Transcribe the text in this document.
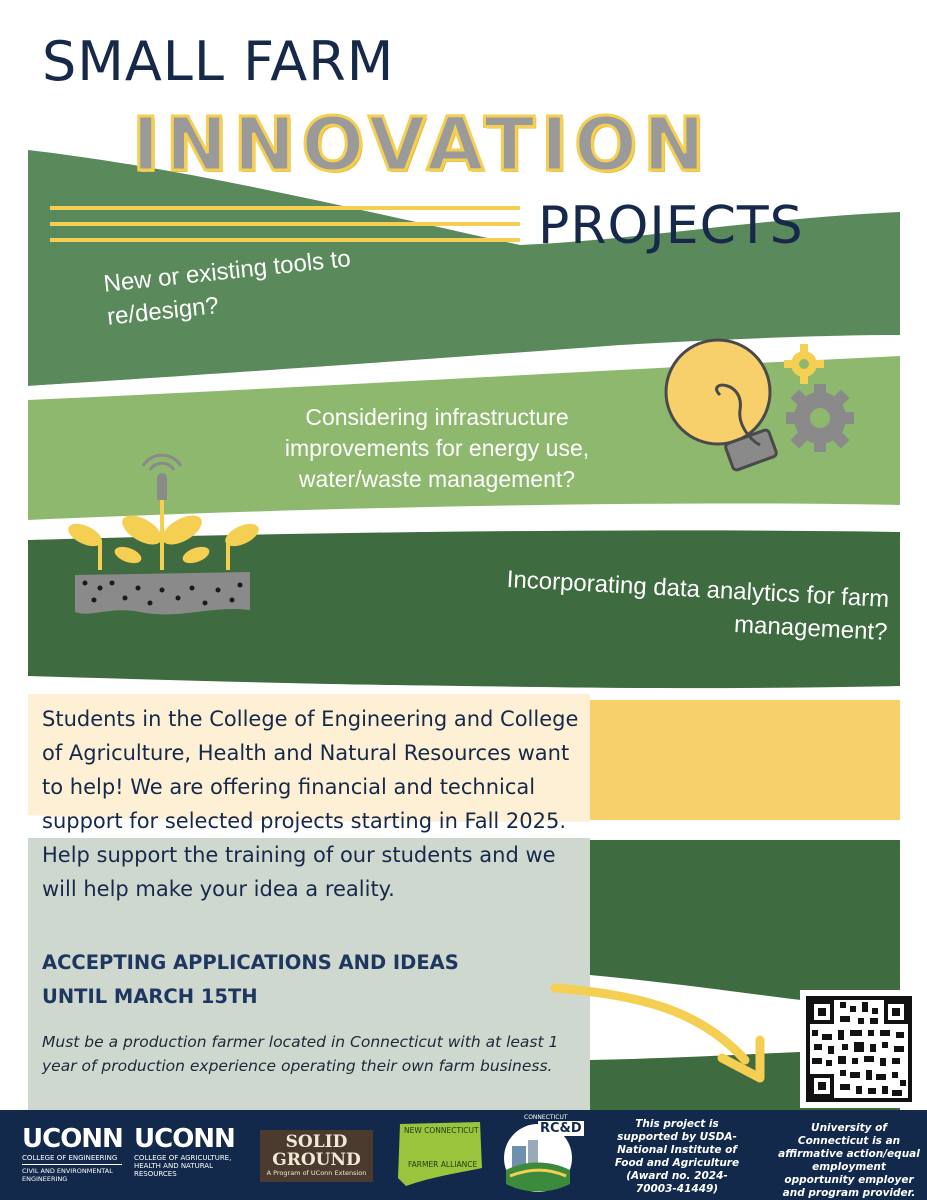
SMALL FARM
INNOVATION
PROJECTS
New or existing tools to re/design?
Considering infrastructure improvements for energy use, water/waste management?
Incorporating data analytics for farm management?
Students in the College of Engineering and College of Agriculture, Health and Natural Resources want to help! We are offering financial and technical support for selected projects starting in Fall 2025. Help support the training of our students and we will help make your idea a reality.
ACCEPTING APPLICATIONS AND IDEAS
UNTIL MARCH 15TH
Must be a production farmer located in Connecticut with at least 1 year of production experience operating their own farm business.
UCONN
COLLEGE OF ENGINEERING
CIVIL AND ENVIRONMENTAL ENGINEERING
UCONN
COLLEGE OF AGRICULTURE,
HEALTH AND NATURAL RESOURCES
SOLID
GROUND
A Program of UConn Extension
NEW CONNECTICUT
FARMER ALLIANCE
CONNECTICUT
RC&D	This project is supported by USDA-National Institute of Food and Agriculture (Award no. 2024-70003-41449)
University of Connecticut is an affirmative action/equal employment opportunity employer and program provider.
